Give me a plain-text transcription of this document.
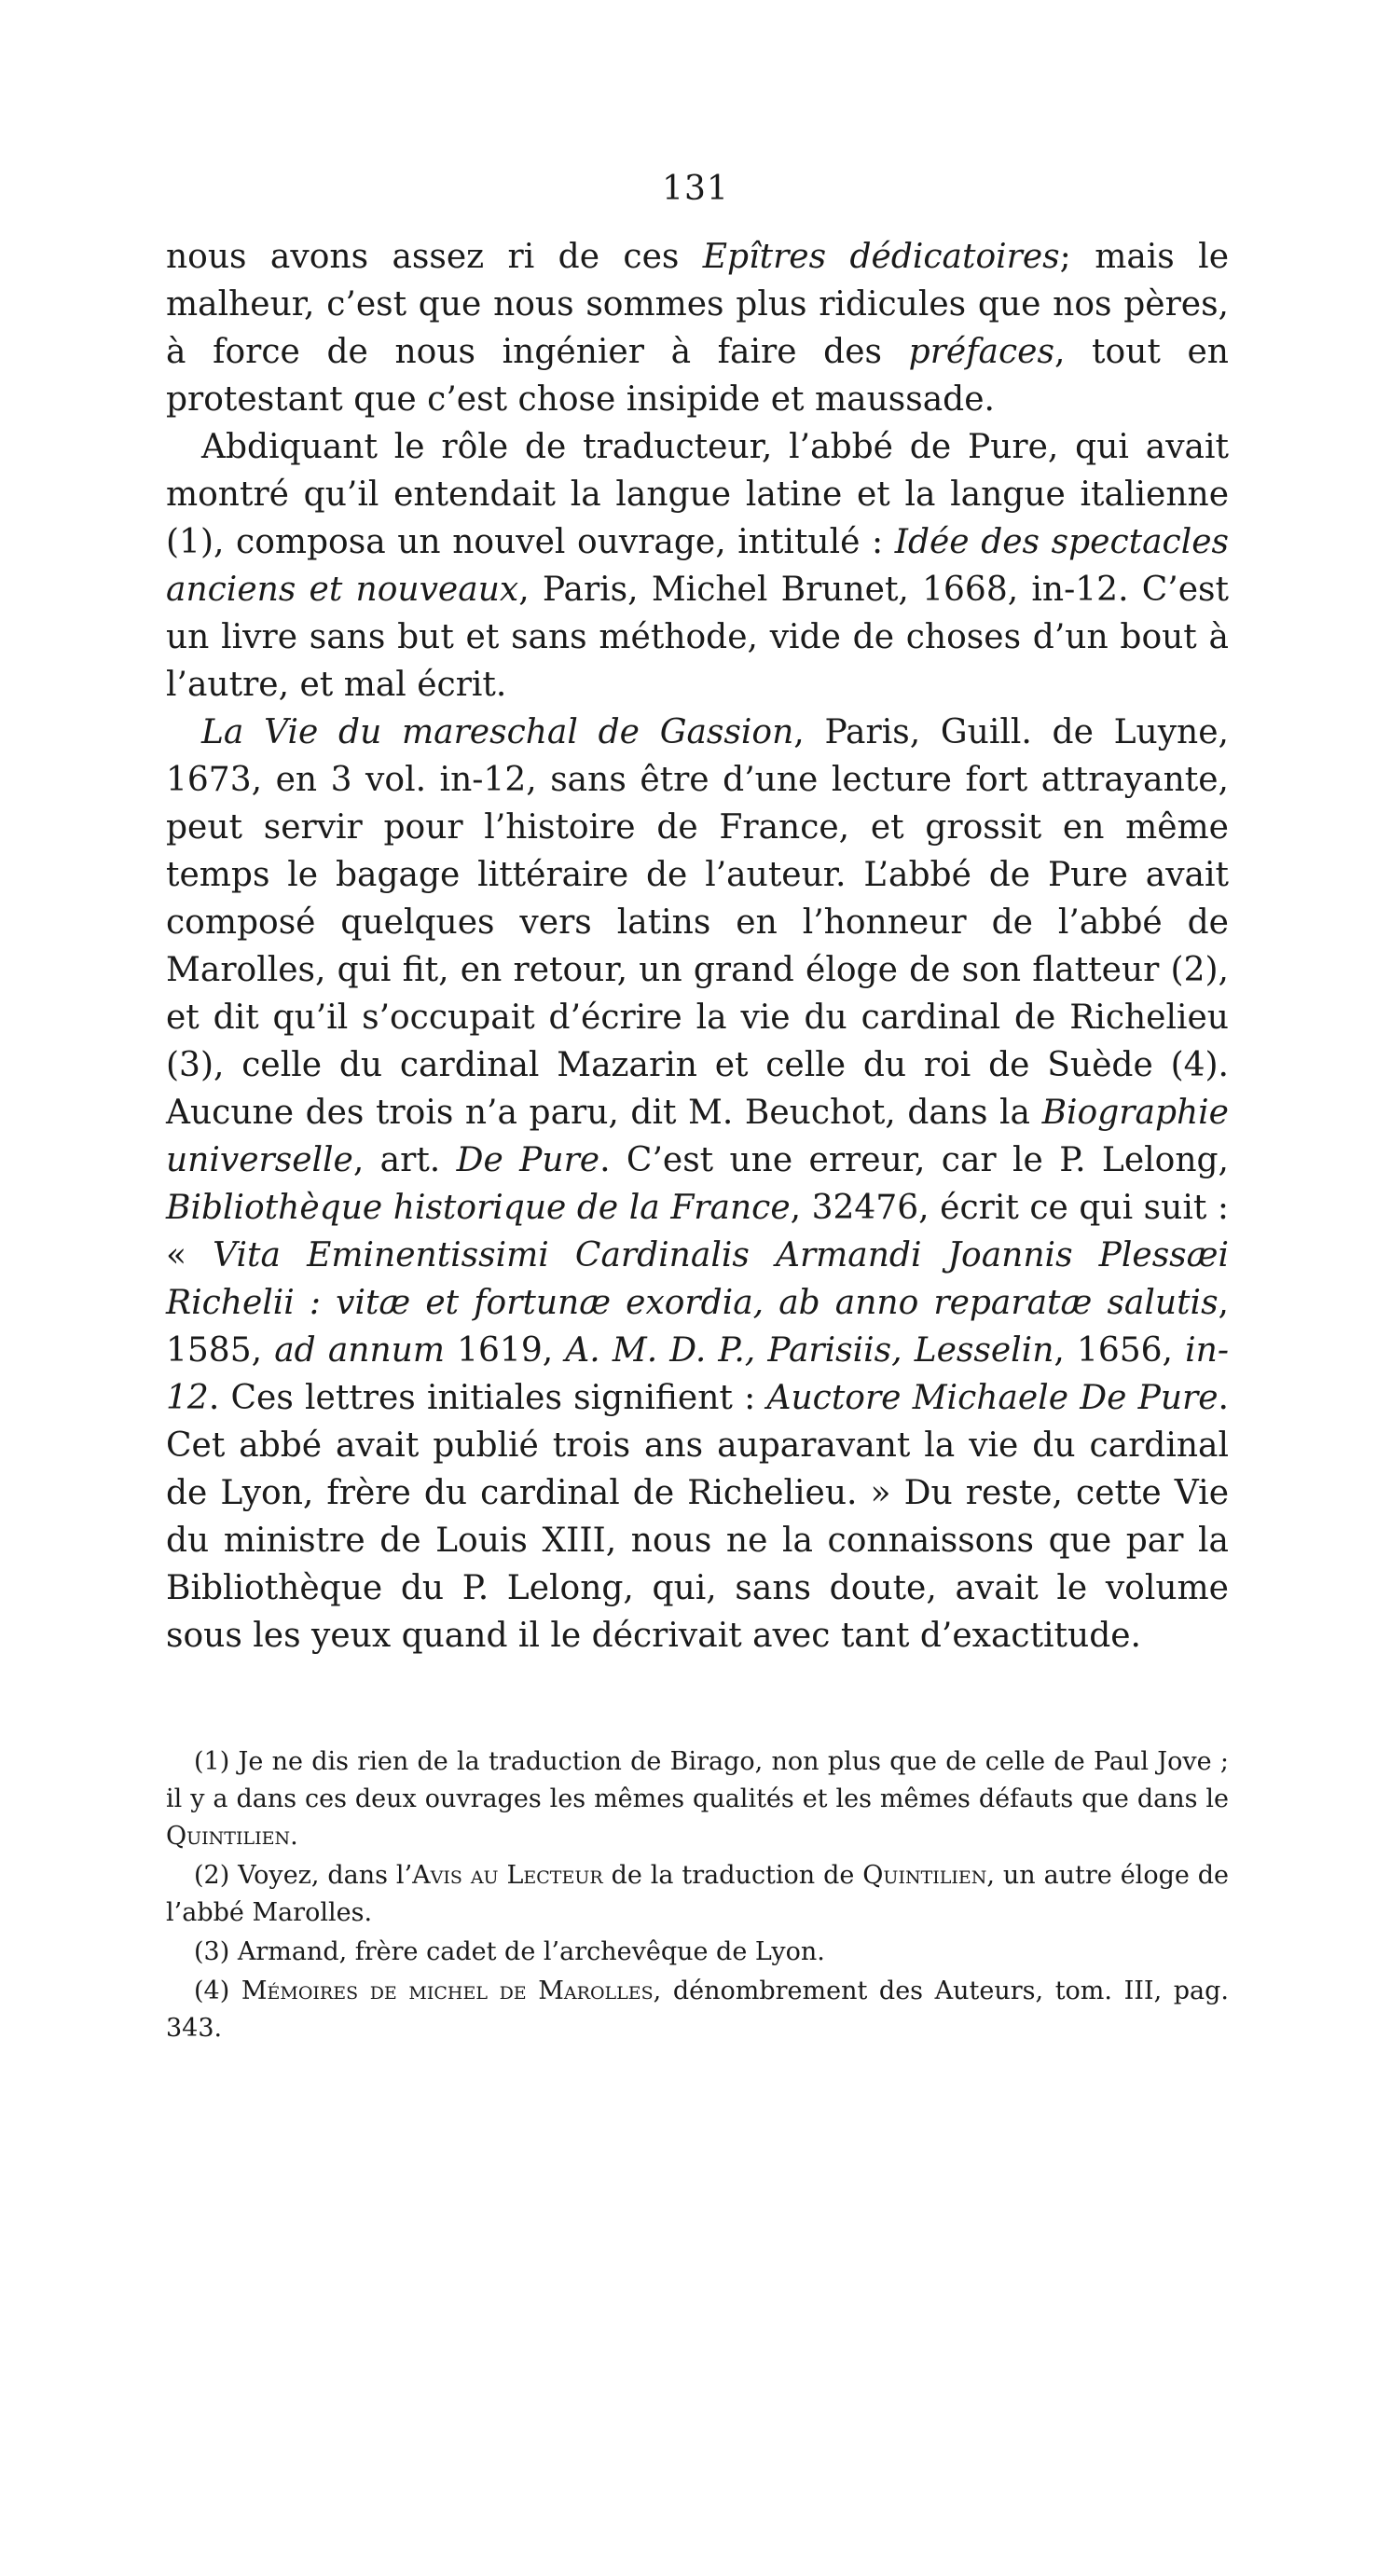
131

nous avons assez ri de ces Epîtres dédicatoires; mais le malheur, c’est que nous sommes plus ridicules que nos pères, à force de nous ingénier à faire des préfaces, tout en protestant que c’est chose insipide et maussade.

Abdiquant le rôle de traducteur, l’abbé de Pure, qui avait montré qu’il entendait la langue latine et la langue italienne (1), composa un nouvel ouvrage, intitulé : Idée des spectacles anciens et nouveaux, Paris, Michel Brunet, 1668, in-12. C’est un livre sans but et sans méthode, vide de choses d’un bout à l’autre, et mal écrit.

La Vie du mareschal de Gassion, Paris, Guill. de Luyne, 1673, en 3 vol. in-12, sans être d’une lecture fort attrayante, peut servir pour l’histoire de France, et grossit en même temps le bagage littéraire de l’auteur. L’abbé de Pure avait composé quelques vers latins en l’honneur de l’abbé de Marolles, qui fit, en retour, un grand éloge de son flatteur (2), et dit qu’il s’occupait d’écrire la vie du cardinal de Richelieu (3), celle du cardinal Mazarin et celle du roi de Suède (4). Aucune des trois n’a paru, dit M. Beuchot, dans la Biographie universelle, art. De Pure. C’est une erreur, car le P. Lelong, Bibliothèque historique de la France, 32476, écrit ce qui suit : « Vita Eminentissimi Cardinalis Armandi Joannis Plessæi Richelii : vitæ et fortunæ exordia, ab anno reparatæ salutis, 1585, ad annum 1619, A. M. D. P., Parisiis, Lesselin, 1656, in-12. Ces lettres initiales signifient : Auctore Michaele De Pure. Cet abbé avait publié trois ans auparavant la vie du cardinal de Lyon, frère du cardinal de Richelieu. » Du reste, cette Vie du ministre de Louis XIII, nous ne la connaissons que par la Bibliothèque du P. Lelong, qui, sans doute, avait le volume sous les yeux quand il le décrivait avec tant d’exactitude.

(1) Je ne dis rien de la traduction de Birago, non plus que de celle de Paul Jove ; il y a dans ces deux ouvrages les mêmes qualités et les mêmes défauts que dans le Quintilien.

(2) Voyez, dans l’Avis au Lecteur de la traduction de Quintilien, un autre éloge de l’abbé Marolles.

(3) Armand, frère cadet de l’archevêque de Lyon.

(4) Mémoires de michel de Marolles, dénombrement des Auteurs, tom. III, pag. 343.
